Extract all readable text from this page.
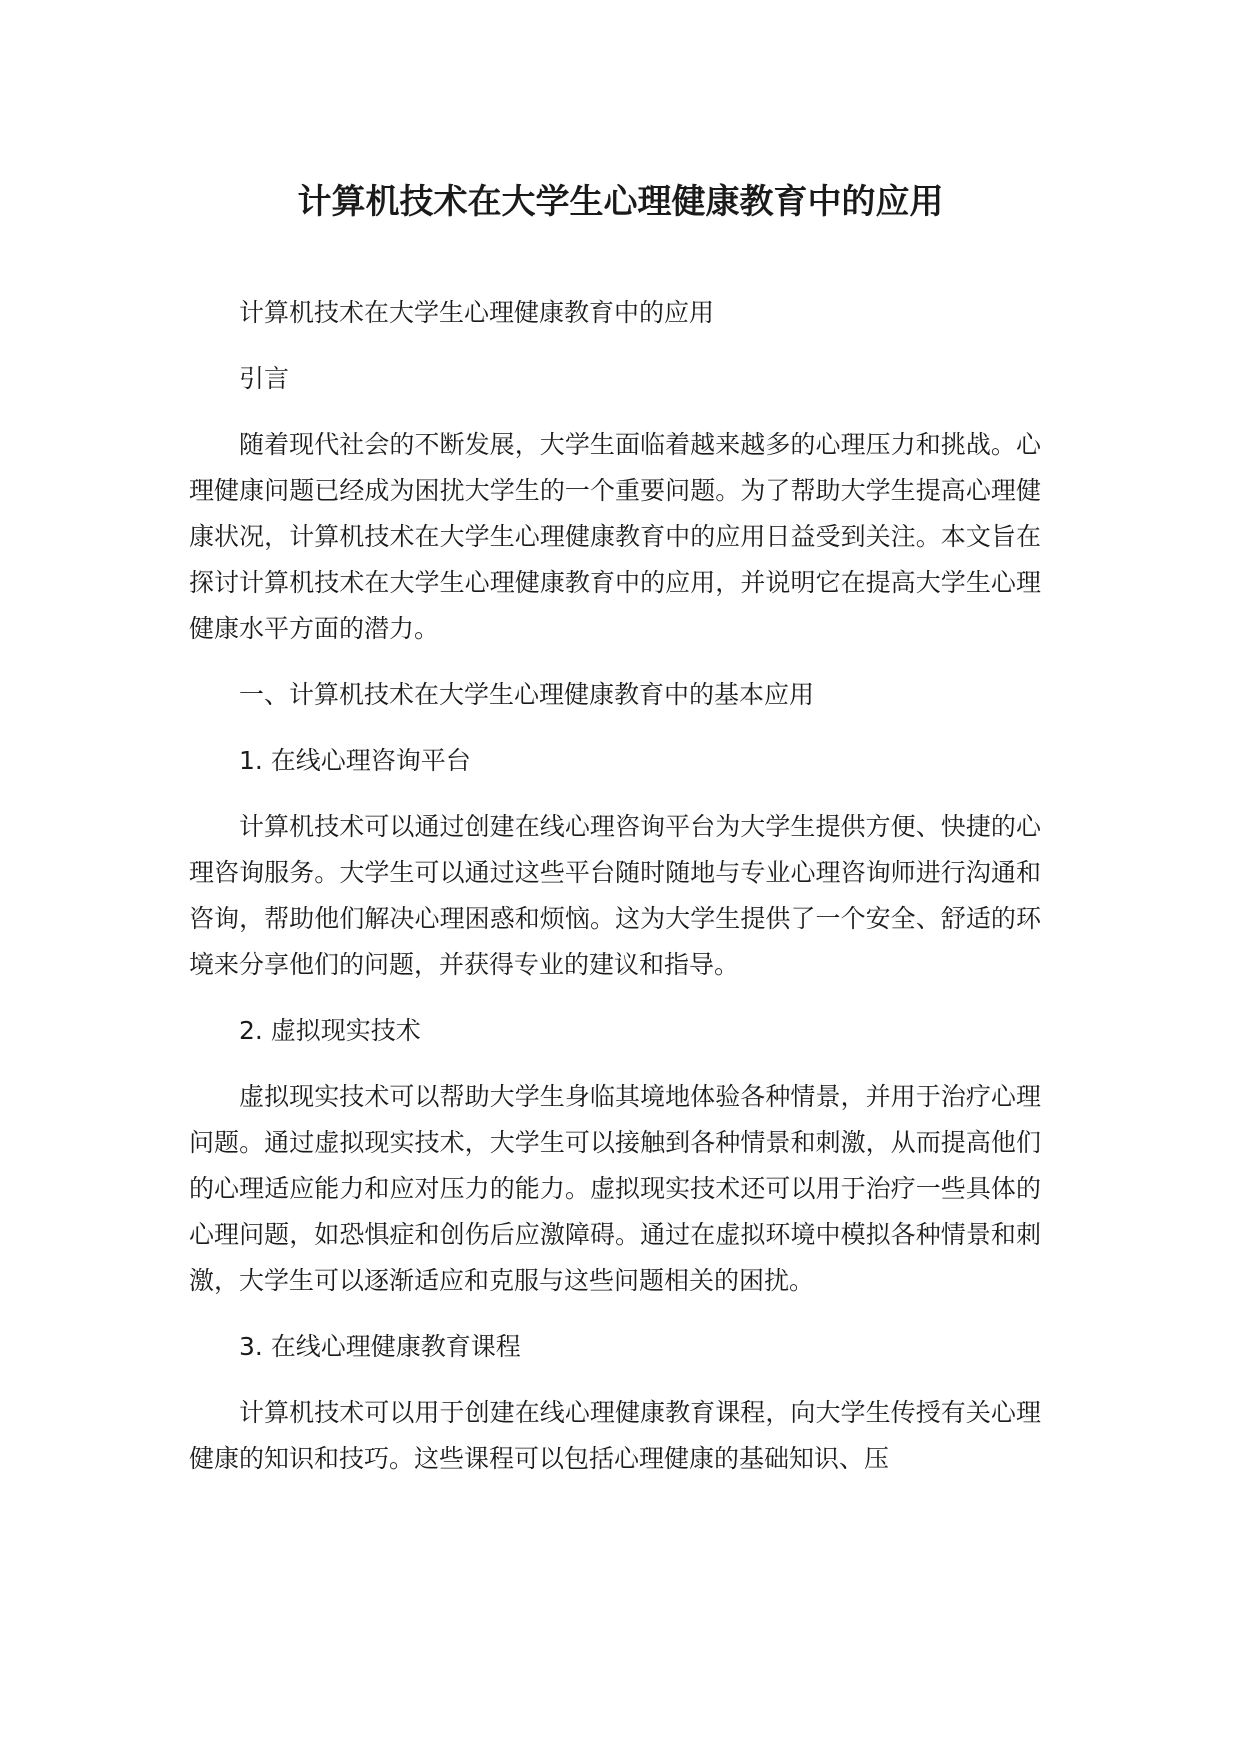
计算机技术在大学生心理健康教育中的应用

计算机技术在大学生心理健康教育中的应用

引言

随着现代社会的不断发展，大学生面临着越来越多的心理压力和挑战。心理健康问题已经成为困扰大学生的一个重要问题。为了帮助大学生提高心理健康状况，计算机技术在大学生心理健康教育中的应用日益受到关注。本文旨在探讨计算机技术在大学生心理健康教育中的应用，并说明它在提高大学生心理健康水平方面的潜力。

一、计算机技术在大学生心理健康教育中的基本应用

1. 在线心理咨询平台

计算机技术可以通过创建在线心理咨询平台为大学生提供方便、快捷的心理咨询服务。大学生可以通过这些平台随时随地与专业心理咨询师进行沟通和咨询，帮助他们解决心理困惑和烦恼。这为大学生提供了一个安全、舒适的环境来分享他们的问题，并获得专业的建议和指导。

2. 虚拟现实技术

虚拟现实技术可以帮助大学生身临其境地体验各种情景，并用于治疗心理问题。通过虚拟现实技术，大学生可以接触到各种情景和刺激，从而提高他们的心理适应能力和应对压力的能力。虚拟现实技术还可以用于治疗一些具体的心理问题，如恐惧症和创伤后应激障碍。通过在虚拟环境中模拟各种情景和刺激，大学生可以逐渐适应和克服与这些问题相关的困扰。

3. 在线心理健康教育课程

计算机技术可以用于创建在线心理健康教育课程，向大学生传授有关心理健康的知识和技巧。这些课程可以包括心理健康的基础知识、压
